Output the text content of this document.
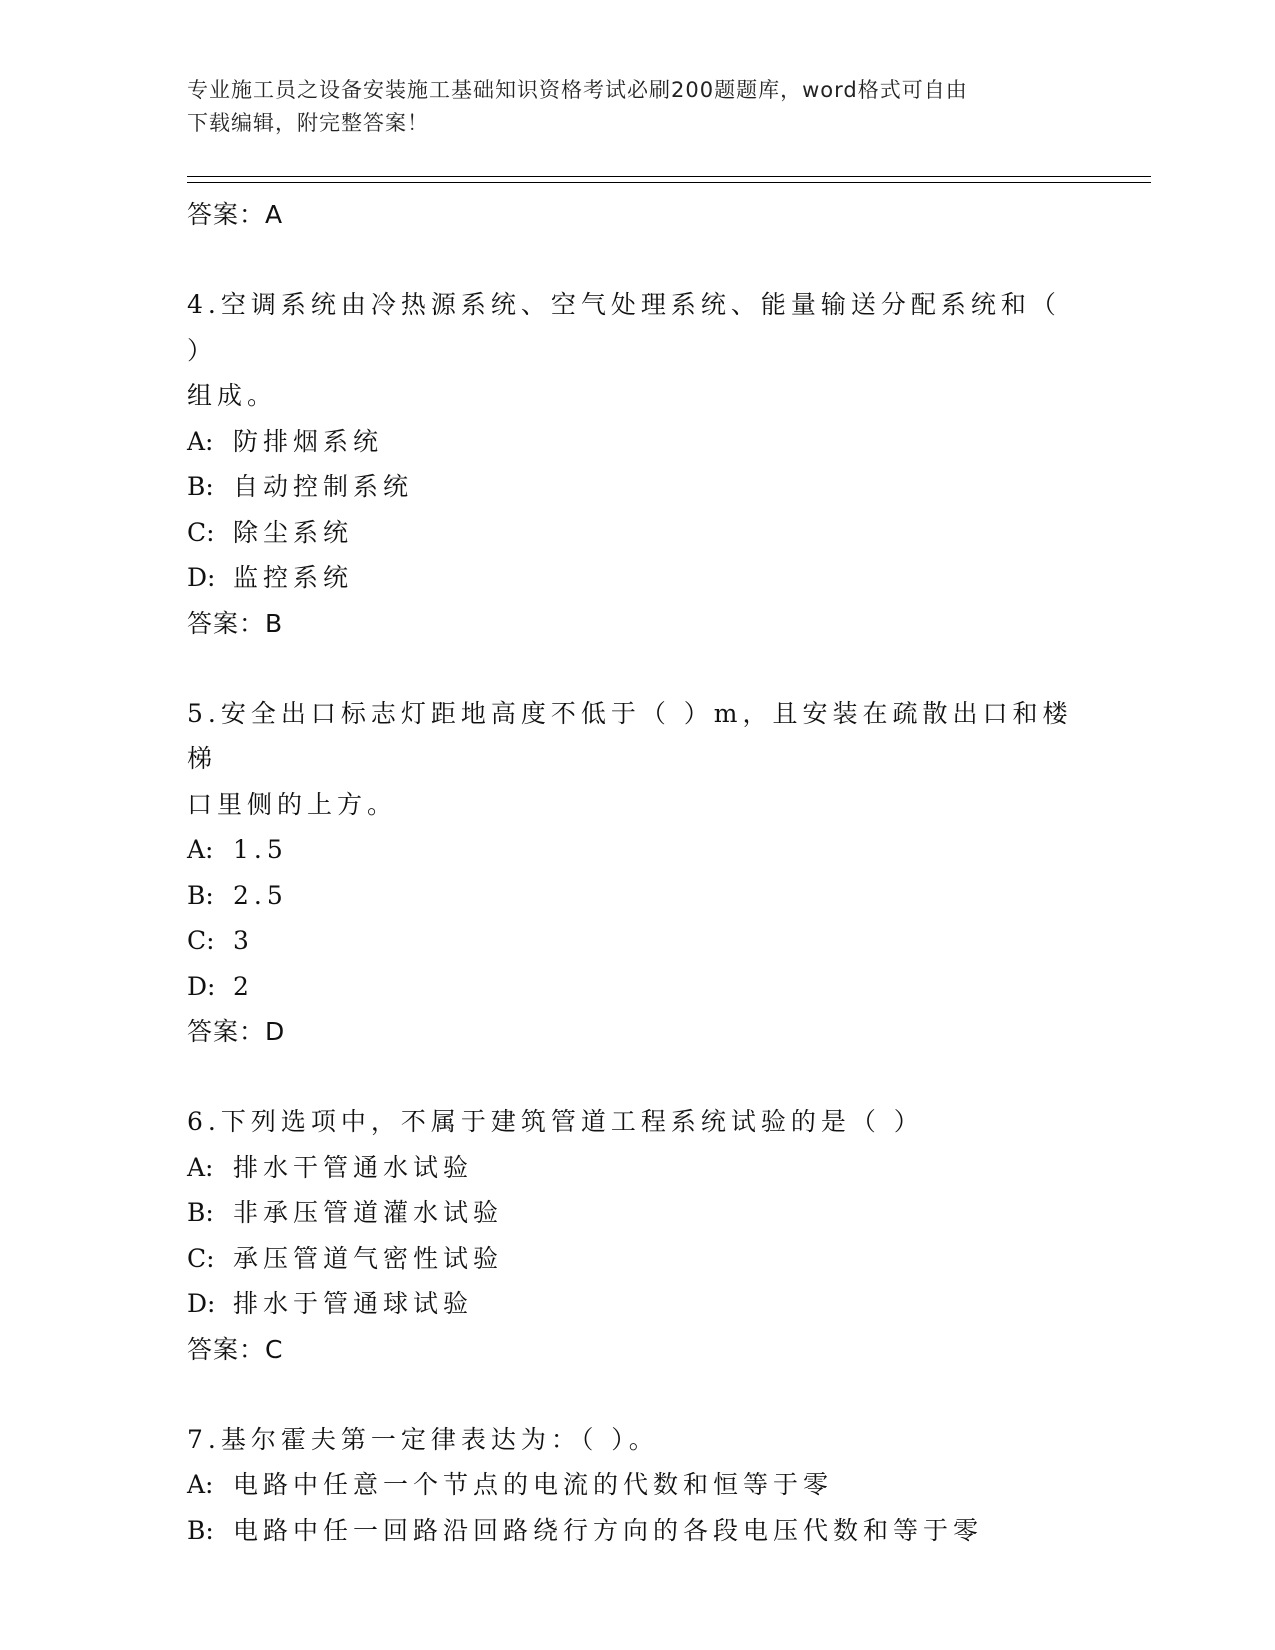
专业施工员之设备安装施工基础知识资格考试必刷200题题库，word格式可自由
下载编辑，附完整答案！
答案：A
4.空调系统由冷热源系统、空气处理系统、能量输送分配系统和（ ）
组成。
A: 防排烟系统
B: 自动控制系统
C: 除尘系统
D: 监控系统
答案：B
5.安全出口标志灯距地高度不低于（ ）m，且安装在疏散出口和楼梯
口里侧的上方。
A: 1.5
B: 2.5
C: 3
D: 2
答案：D
6.下列选项中，不属于建筑管道工程系统试验的是（ ）
A: 排水干管通水试验
B: 非承压管道灌水试验
C: 承压管道气密性试验
D: 排水于管通球试验
答案：C
7.基尔霍夫第一定律表达为：（ ）。
A: 电路中任意一个节点的电流的代数和恒等于零
B: 电路中任一回路沿回路绕行方向的各段电压代数和等于零
